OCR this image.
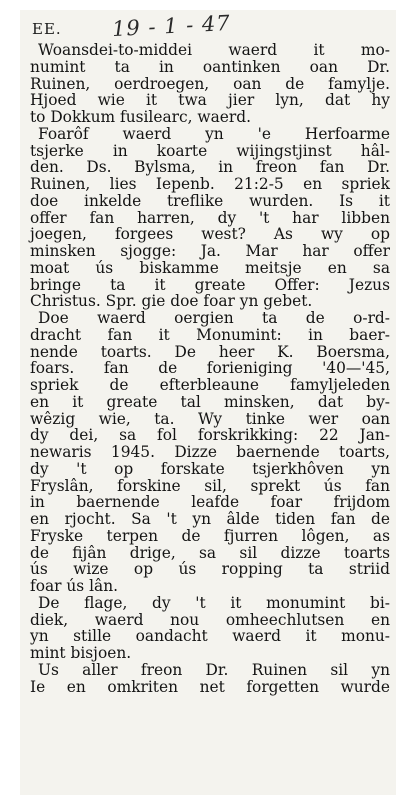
EE. 19 - 1 - 47
Woansdei-to-middei waerd it mo-
numint ta in oantinken oan Dr.
Ruinen, oerdroegen, oan de famylje.
Hjoed wie it twa jier lyn, dat hy
to Dokkum fusilearc, waerd.
Foarôf waerd yn 'e Herfoarme
tsjerke in koarte wijingstjinst hâl-
den. Ds. Bylsma, in freon fan Dr.
Ruinen, lies Iepenb. 21:2-5 en spriek
doe inkelde treflike wurden. Is it
offer fan harren, dy 't har libben
joegen, forgees west? As wy op
minsken sjogge: Ja. Mar har offer
moat ús biskamme meitsje en sa
bringe ta it greate Offer: Jezus
Christus. Spr. gie doe foar yn gebet.
Doe waerd oergien ta de o-rd-
dracht fan it Monumint: in baer-
nende toarts. De heer K. Boersma,
foars. fan de forieniging '40—'45,
spriek de efterbleaune famyljeleden
en it greate tal minsken, dat by-
wêzig wie, ta. Wy tinke wer oan
dy dei, sa fol forskrikking: 22 Jan-
newaris 1945. Dizze baernende toarts,
dy 't op forskate tsjerkhôven yn
Fryslân, forskine sil, sprekt ús fan
in baernende leafde foar frijdom
en rjocht. Sa 't yn âlde tiden fan de
Fryske terpen de fjurren lôgen, as
de fijân drige, sa sil dizze toarts
ús wize op ús ropping ta striid
foar ús lân.
De flage, dy 't it monumint bi-
diek, waerd nou omheechlutsen en
yn stille oandacht waerd it monu-
mint bisjoen.
Us aller freon Dr. Ruinen sil yn
Ie en omkriten net forgetten wurde
